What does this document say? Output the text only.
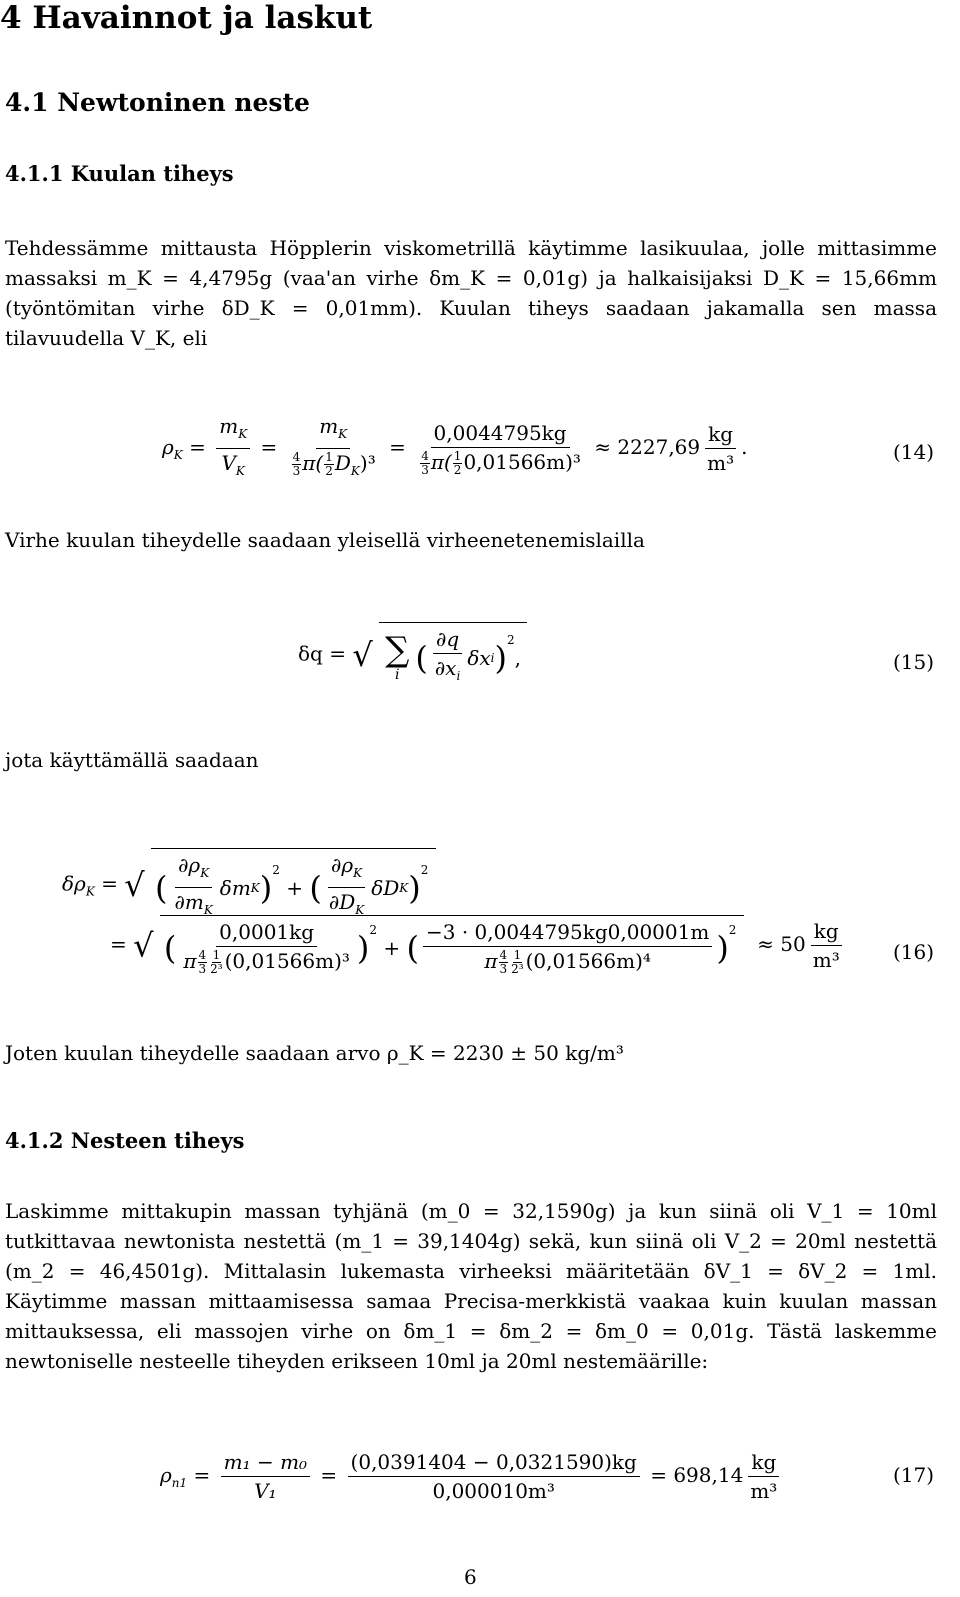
4 Havainnot ja laskut
4.1 Newtoninen neste
4.1.1 Kuulan tiheys
Tehdessämme mittausta Höpplerin viskometrillä käytimme lasikuulaa, jolle mittasimme massaksi m_K = 4,4795g (vaa'an virhe δm_K = 0,01g) ja halkaisijaksi D_K = 15,66mm (työntömitan virhe δD_K = 0,01mm). Kuulan tiheys saadaan jakamalla sen massa tilavuudella V_K, eli
$\rho_K = \frac{m_K}{V_K} = \frac{m_K}{\frac{4}{3} \pi( \frac{1}{2} D_K)^3} = \frac{0,0044795kg}{\frac{4}{3} \pi( \frac{1}{2} 0,01566m)^3} \approx 2227,69 \frac{kg}{\text{m³}}$ .	(14)
Virhe kuulan tiheydelle saadaan yleisellä virheenetenemislailla
δq = √ ∑
i ( $\frac{\partial q}{\partial x_i}$ δx i )$^2$
,	(15)
jota käyttämällä saadaan
$\delta\rho_K$ = √ ( $\frac{\partial\rho_K}{\partial m_K}$ δm K )$^2$
+ ( $\frac{\partial\rho_K}{\partial D_K}$ δD K )$^2$
= √ ( $\frac{0,0001kg}{\pi \frac{4}{3} \frac{1}{\text{2³}} (0,01566m)^3} )^2$
+ ( $\frac{-3 \cdot 0,0044795kg0,00001m}{\pi \frac{4}{3} \frac{1}{\text{2³}} (0,01566m)^4} )^2$
≈ $50 \frac{kg}{\text{m³}}$	(16)
Joten kuulan tiheydelle saadaan arvo ρ_K = 2230 ± 50 kg/m³
4.1.2 Nesteen tiheys
Laskimme mittakupin massan tyhjänä (m_0 = 32,1590g) ja kun siinä oli V_1 = 10ml tutkittavaa newtonista nestettä (m_1 = 39,1404g) sekä, kun siinä oli V_2 = 20ml nestettä (m_2 = 46,4501g). Mittalasin lukemasta virheeksi määritetään δV_1 = δV_2 = 1ml. Käytimme massan mittaamisessa samaa Precisa-merkkistä vaakaa kuin kuulan massan mittauksessa, eli massojen virhe on δm_1 = δm_2 = δm_0 = 0,01g. Tästä laskemme newtoniselle nesteelle tiheyden erikseen 10ml ja 20ml nestemäärille:
$\rho_{n1} = \frac{\text{m₁ − m₀}}{\text{V₁}} = \frac{(0,0391404 - 0,0321590)kg}{\text{0,000010m³}} = 698,14 \frac{kg}{\text{m³}}$	(17)
6
